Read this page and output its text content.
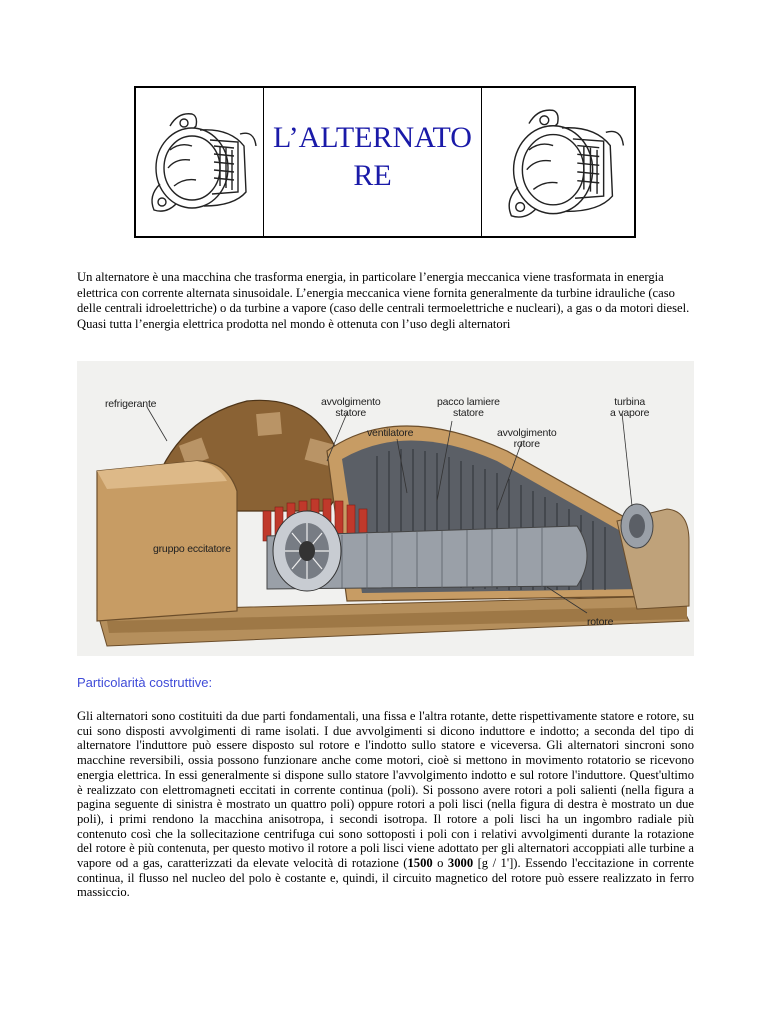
L’ALTERNATO
RE

Un alternatore è una macchina che trasforma energia, in particolare l’energia meccanica viene trasformata in energia elettrica con corrente alternata sinusoidale. L’energia meccanica viene fornita generalmente da turbine idrauliche (caso delle centrali idroelettriche) o da turbine a vapore (caso delle centrali termoelettriche e nucleari), a gas o da motori diesel. Quasi tutta l’energia elettrica prodotta nel mondo è ottenuta con l’uso degli alternatori

refrigerante	avvolgimento
statore
ventilatore
pacco lamiere
statore
avvolgimento
rotore
turbina
a vapore
gruppo eccitatore
rotore
Particolarità costruttive:

Gli alternatori sono costituiti da due parti fondamentali, una fissa e l'altra rotante, dette rispettivamente statore e rotore, su cui sono disposti avvolgimenti di rame isolati. I due avvolgimenti si dicono induttore e indotto; a seconda del tipo di alternatore l'induttore può essere disposto sul rotore e l'indotto sullo statore e viceversa. Gli alternatori sincroni sono macchine reversibili, ossia possono funzionare anche come motori, cioè si mettono in movimento rotatorio se ricevono energia elettrica. In essi generalmente si dispone sullo statore l'avvolgimento indotto e sul rotore l'induttore. Quest'ultimo è realizzato con elettromagneti eccitati in corrente continua (poli). Si possono avere rotori a poli salienti (nella figura a pagina seguente di sinistra è mostrato un quattro poli) oppure rotori a poli lisci (nella figura di destra è mostrato un due poli), i primi rendono la macchina anisotropa, i secondi isotropa. Il rotore a poli lisci ha un ingombro radiale più contenuto così che la sollecitazione centrifuga cui sono sottoposti i poli con i relativi avvolgimenti durante la rotazione del rotore è più contenuta, per questo motivo il rotore a poli lisci viene adottato per gli alternatori accoppiati alle turbine a vapore od a gas, caratterizzati da elevate velocità di rotazione (1500 o 3000 [g / 1']). Essendo l'eccitazione in corrente continua, il flusso nel nucleo del polo è costante e, quindi, il circuito magnetico del rotore può essere realizzato in ferro massiccio.
